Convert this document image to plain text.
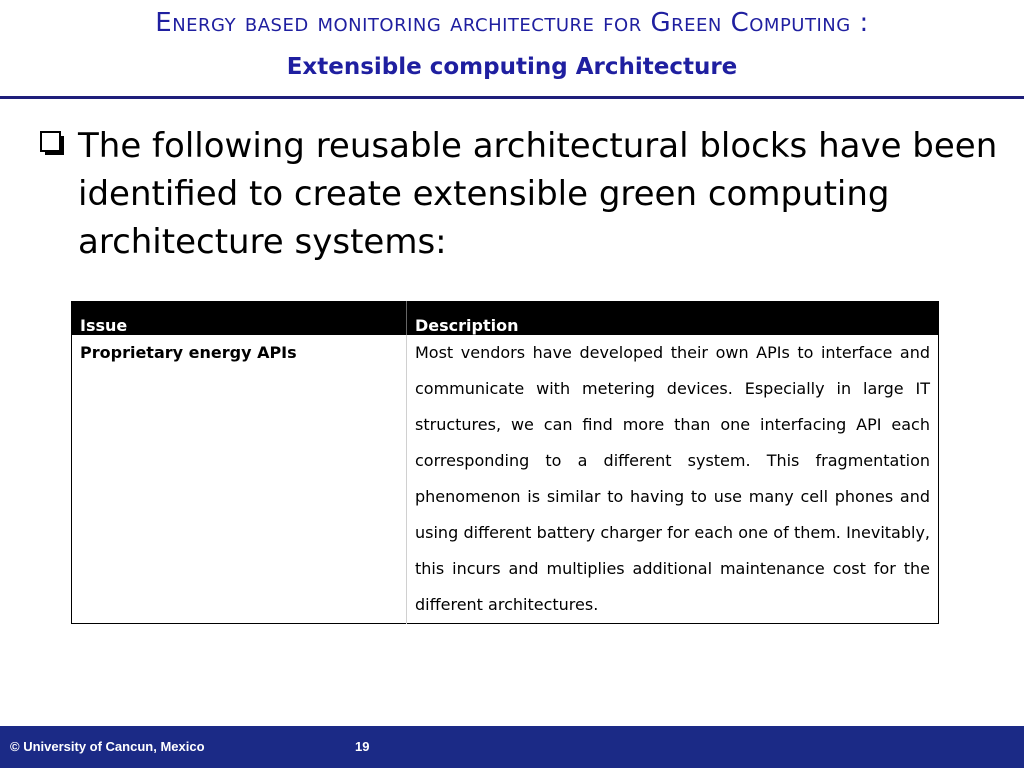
Energy based monitoring architecture for Green Computing :
Extensible computing Architecture
The following reusable architectural blocks have been identified to create extensible green computing architecture systems:
Issue	Description
Proprietary energy APIs	Most vendors have developed their own APIs to interface and communicate with metering devices. Especially in large IT structures, we can find more than one interfacing API each corresponding to a different system. This fragmentation phenomenon is similar to having to use many cell phones and using different battery charger for each one of them. Inevitably, this incurs and multiplies additional maintenance cost for the different architectures.
© University of Cancun, Mexico	19
